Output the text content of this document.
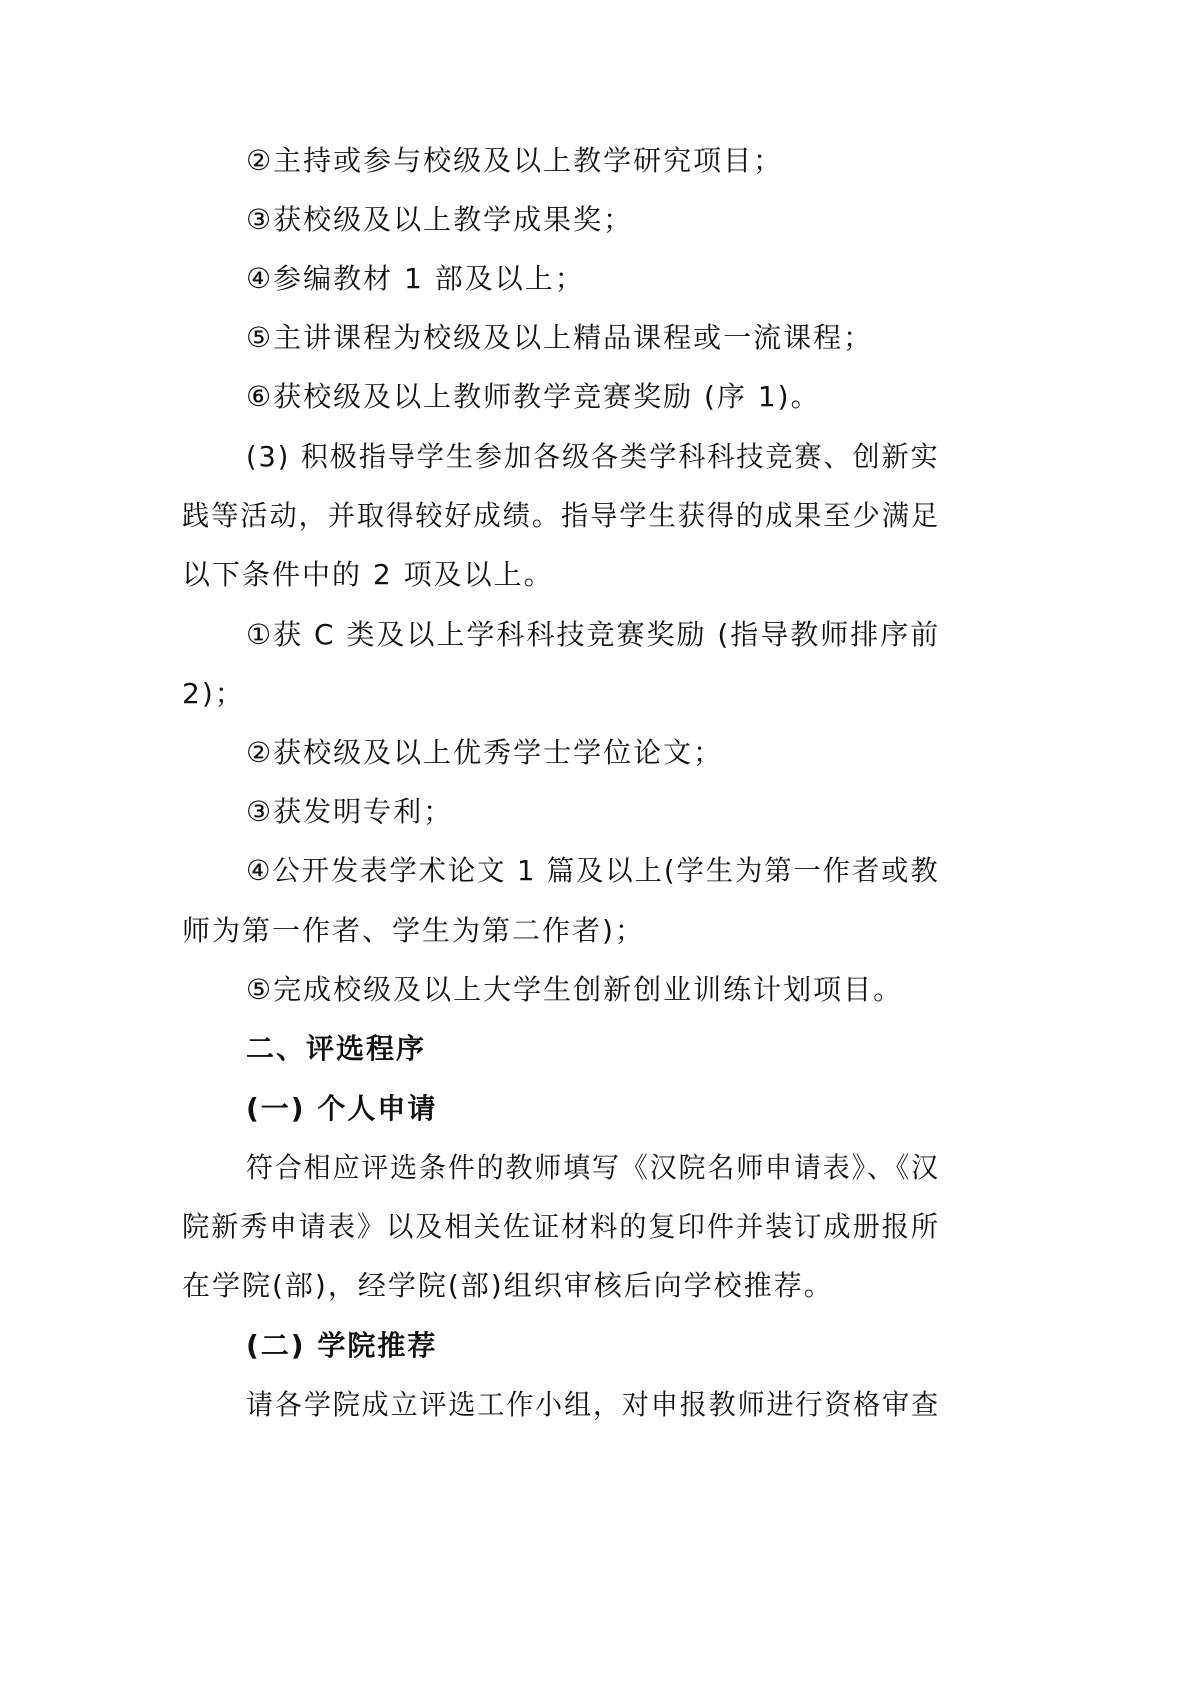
②主持或参与校级及以上教学研究项目；
③获校级及以上教学成果奖；
④参编教材 1 部及以上；
⑤主讲课程为校级及以上精品课程或一流课程；
⑥获校级及以上教师教学竞赛奖励 (序 1)。
(3) 积极指导学生参加各级各类学科科技竞赛、创新实
践等活动，并取得较好成绩。指导学生获得的成果至少满足
以下条件中的 2 项及以上。
①获 C 类及以上学科科技竞赛奖励 (指导教师排序前
2)；
②获校级及以上优秀学士学位论文；
③获发明专利；
④公开发表学术论文 1 篇及以上(学生为第一作者或教
师为第一作者、学生为第二作者)；
⑤完成校级及以上大学生创新创业训练计划项目。
二、评选程序
(一) 个人申请
符合相应评选条件的教师填写《汉院名师申请表》、《汉
院新秀申请表》以及相关佐证材料的复印件并装订成册报所
在学院(部)，经学院(部)组织审核后向学校推荐。
(二) 学院推荐
请各学院成立评选工作小组，对申报教师进行资格审查
